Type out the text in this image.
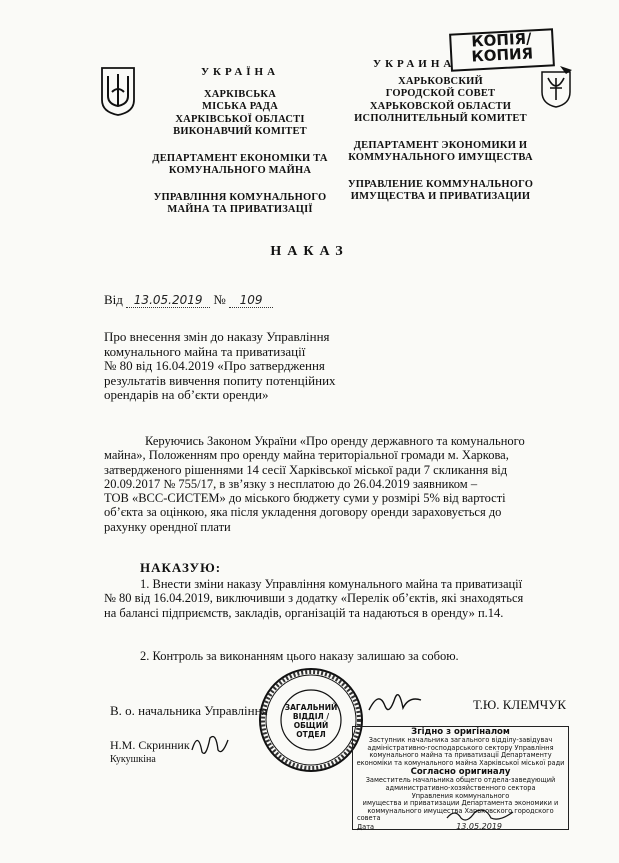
КОПІЯ/
КОПИЯ
УКРАЇНА
ХАРКІВСЬКА
МІСЬКА РАДА
ХАРКІВСЬКОЇ ОБЛАСТІ
ВИКОНАВЧИЙ КОМІТЕТ
ДЕПАРТАМЕНТ ЕКОНОМІКИ ТА
КОМУНАЛЬНОГО МАЙНА
УПРАВЛІННЯ КОМУНАЛЬНОГО
МАЙНА ТА ПРИВАТИЗАЦІЇ
УКРАИНА
ХАРЬКОВСКИЙ
ГОРОДСКОЙ СОВЕТ
ХАРЬКОВСКОЙ ОБЛАСТИ
ИСПОЛНИТЕЛЬНЫЙ КОМИТЕТ
ДЕПАРТАМЕНТ ЭКОНОМИКИ И
КОММУНАЛЬНОГО ИМУЩЕСТВА
УПРАВЛЕНИЕ КОММУНАЛЬНОГО
ИМУЩЕСТВА И ПРИВАТИЗАЦИИ
НАКАЗ
Від 13.05.2019 № 109
Про внесення змін до наказу Управління
комунального майна та приватизації
№ 80 від 16.04.2019 «Про затвердження
результатів вивчення попиту потенційних
орендарів на об’єкти оренди»
Керуючись Законом України «Про оренду державного та комунального
майна», Положенням про оренду майна територіальної громади м. Харкова,
затвердженого рішеннями 14 сесії Харківської міської ради 7 скликання від
20.09.2017 № 755/17, в зв’язку з несплатою до 26.04.2019 заявником –
ТОВ «ВСС-СИСТЕМ» до міського бюджету суми у розмірі 5% від вартості
об’єкта за оцінкою, яка після укладення договору оренди зараховується до
рахунку орендної плати
НАКАЗУЮ:
1. Внести зміни наказу Управління комунального майна та приватизації
№ 80 від 16.04.2019, виключивши з додатку «Перелік об’єктів, які знаходяться
на балансі підприємств, закладів, організацій та надаються в оренду» п.14.
2. Контроль за виконанням цього наказу залишаю за собою.
ЗАГАЛЬНИЙ
ВІДДІЛ /
ОБЩИЙ ОТДЕЛ
В. о. начальника Управління	Т.Ю. КЛЕМЧУК
Н.М. Скринник
Кукушкіна
Згідно з оригіналом
Заступник начальника загального відділу-завідувач
адміністративно-господарського сектору Управління
комунального майна та приватизації Департаменту
економіки та комунального майна Харківської міської ради
Согласно оригиналу
Заместитель начальника общего отдела-заведующий
административно-хозяйственного сектора
Управления коммунального
имущества и приватизации Департамента экономики и
коммунального имущества Харьковского городского
совета
Дата	13.05.2019
